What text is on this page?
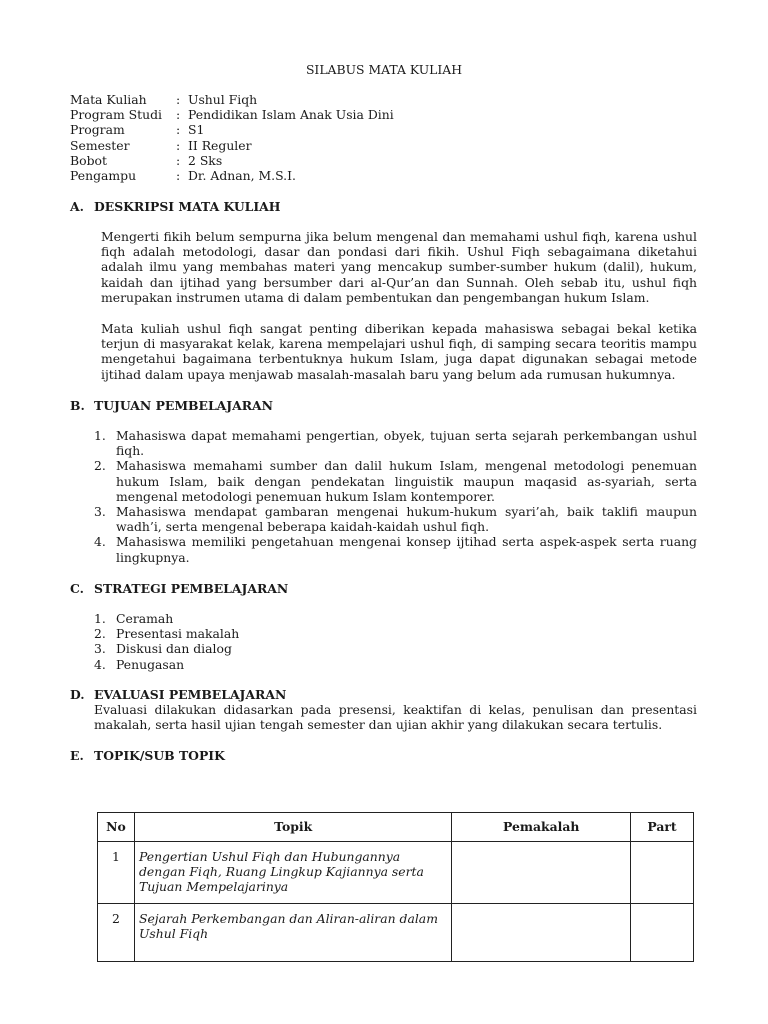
SILABUS MATA KULIAH
Mata Kuliah	: Ushul Fiqh
Program Studi	: Pendidikan Islam Anak Usia Dini
Program	: S1
Semester	: II Reguler
Bobot	: 2 Sks
Pengampu	: Dr. Adnan, M.S.I.
A. DESKRIPSI MATA KULIAH
Mengerti fikih belum sempurna jika belum mengenal dan memahami ushul fiqh, karena ushul fiqh adalah metodologi, dasar dan pondasi dari fikih. Ushul Fiqh sebagaimana diketahui adalah ilmu yang membahas materi yang mencakup sumber-sumber hukum (dalil), hukum, kaidah dan ijtihad yang bersumber dari al-Qur’an dan Sunnah. Oleh sebab itu, ushul fiqh merupakan instrumen utama di dalam pembentukan dan pengembangan hukum Islam.
Mata kuliah ushul fiqh sangat penting diberikan kepada mahasiswa sebagai bekal ketika terjun di masyarakat kelak, karena mempelajari ushul fiqh, di samping secara teoritis mampu mengetahui bagaimana terbentuknya hukum Islam, juga dapat digunakan sebagai metode ijtihad dalam upaya menjawab masalah-masalah baru yang belum ada rumusan hukumnya.
B. TUJUAN PEMBELAJARAN
1. Mahasiswa dapat memahami pengertian, obyek, tujuan serta sejarah perkembangan ushul fiqh.
2. Mahasiswa memahami sumber dan dalil hukum Islam, mengenal metodologi penemuan hukum Islam, baik dengan pendekatan linguistik maupun maqasid as-syariah, serta mengenal metodologi penemuan hukum Islam kontemporer.
3. Mahasiswa mendapat gambaran mengenai hukum-hukum syari’ah, baik taklifi maupun wadh’i, serta mengenal beberapa kaidah-kaidah ushul fiqh.
4. Mahasiswa memiliki pengetahuan mengenai konsep ijtihad serta aspek-aspek serta ruang lingkupnya.
C. STRATEGI PEMBELAJARAN
1. Ceramah
2. Presentasi makalah
3. Diskusi dan dialog
4. Penugasan
D. EVALUASI PEMBELAJARAN
Evaluasi dilakukan didasarkan pada presensi, keaktifan di kelas, penulisan dan presentasi makalah, serta hasil ujian tengah semester dan ujian akhir yang dilakukan secara tertulis.
E. TOPIK/SUB TOPIK
No	Topik	Pemakalah	Part
1	Pengertian Ushul Fiqh dan Hubungannya dengan Fiqh, Ruang Lingkup Kajiannya serta Tujuan Mempelajarinya		
2	Sejarah Perkembangan dan Aliran-aliran dalam Ushul Fiqh		
